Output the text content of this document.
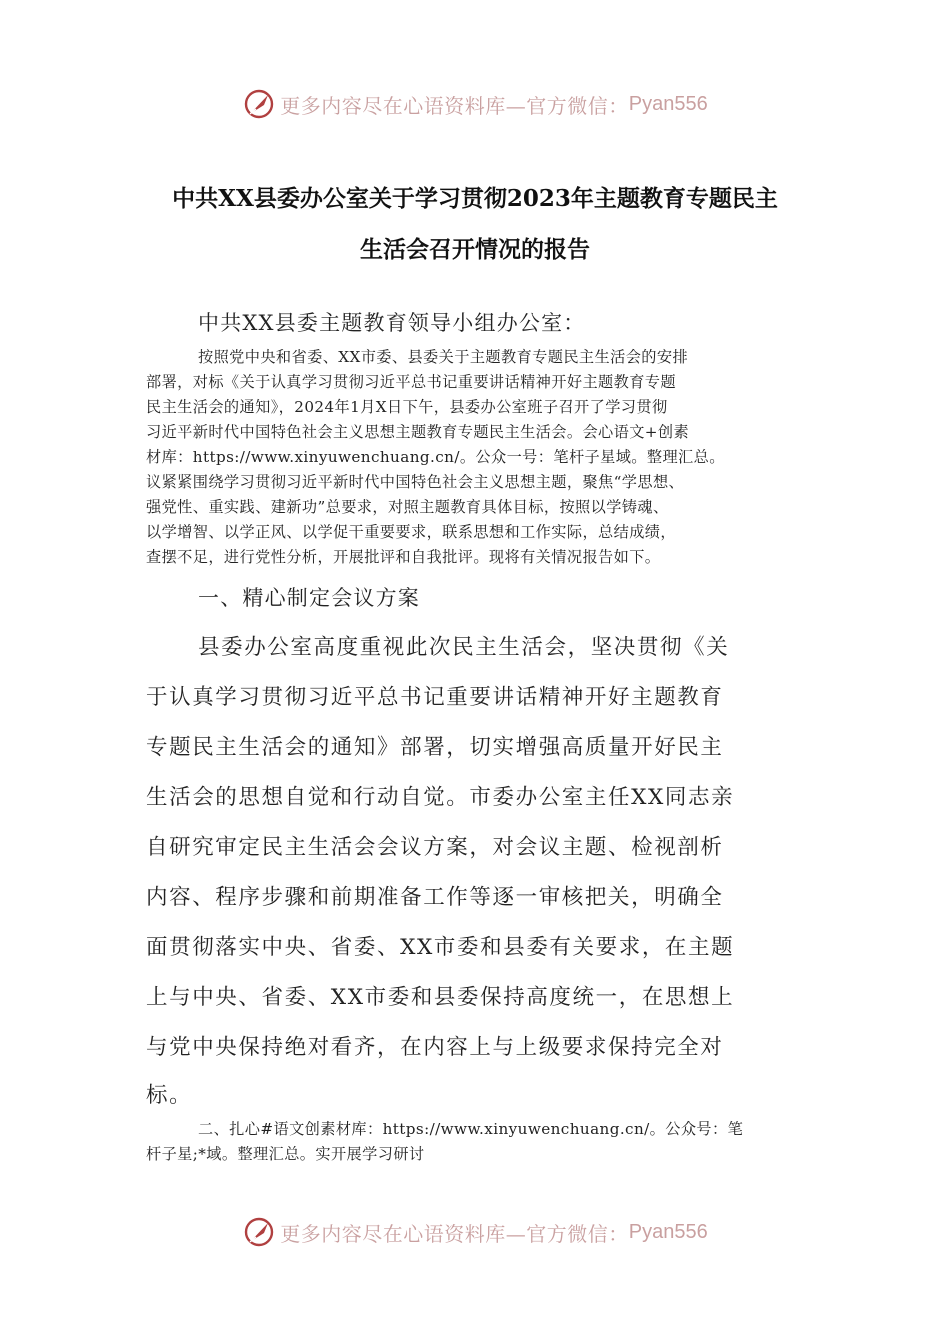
更多内容尽在心语资料库—官方微信： Pyan556
中共XX县委办公室关于学习贯彻2023年主题教育专题民主
生活会召开情况的报告
中共XX县委主题教育领导小组办公室：
按照党中央和省委、XX市委、县委关于主题教育专题民主生活会的安排
部署，对标《关于认真学习贯彻习近平总书记重要讲话精神开好主题教育专题
民主生活会的通知》，2024年1月X日下午，县委办公室班子召开了学习贯彻
习近平新时代中国特色社会主义思想主题教育专题民主生活会。会心语文+创素
材库：https://www.xinyuwenchuang.cn/。公众一号：笔杆子星域。整理汇总。
议紧紧围绕学习贯彻习近平新时代中国特色社会主义思想主题，聚焦“学思想、
强党性、重实践、建新功”总要求，对照主题教育具体目标，按照以学铸魂、
以学增智、以学正风、以学促干重要要求，联系思想和工作实际，总结成绩，
查摆不足，进行党性分析，开展批评和自我批评。现将有关情况报告如下。
一、精心制定会议方案
县委办公室高度重视此次民主生活会，坚决贯彻《关
于认真学习贯彻习近平总书记重要讲话精神开好主题教育
专题民主生活会的通知》部署，切实增强高质量开好民主
生活会的思想自觉和行动自觉。市委办公室主任XX同志亲
自研究审定民主生活会会议方案，对会议主题、检视剖析
内容、程序步骤和前期准备工作等逐一审核把关，明确全
面贯彻落实中央、省委、XX市委和县委有关要求，在主题
上与中央、省委、XX市委和县委保持高度统一，在思想上
与党中央保持绝对看齐，在内容上与上级要求保持完全对
标。
二、扎心#语文创素材库：https://www.xinyuwenchuang.cn/。公众号：笔
杆子星;*域。整理汇总。实开展学习研讨
更多内容尽在心语资料库—官方微信： Pyan556
